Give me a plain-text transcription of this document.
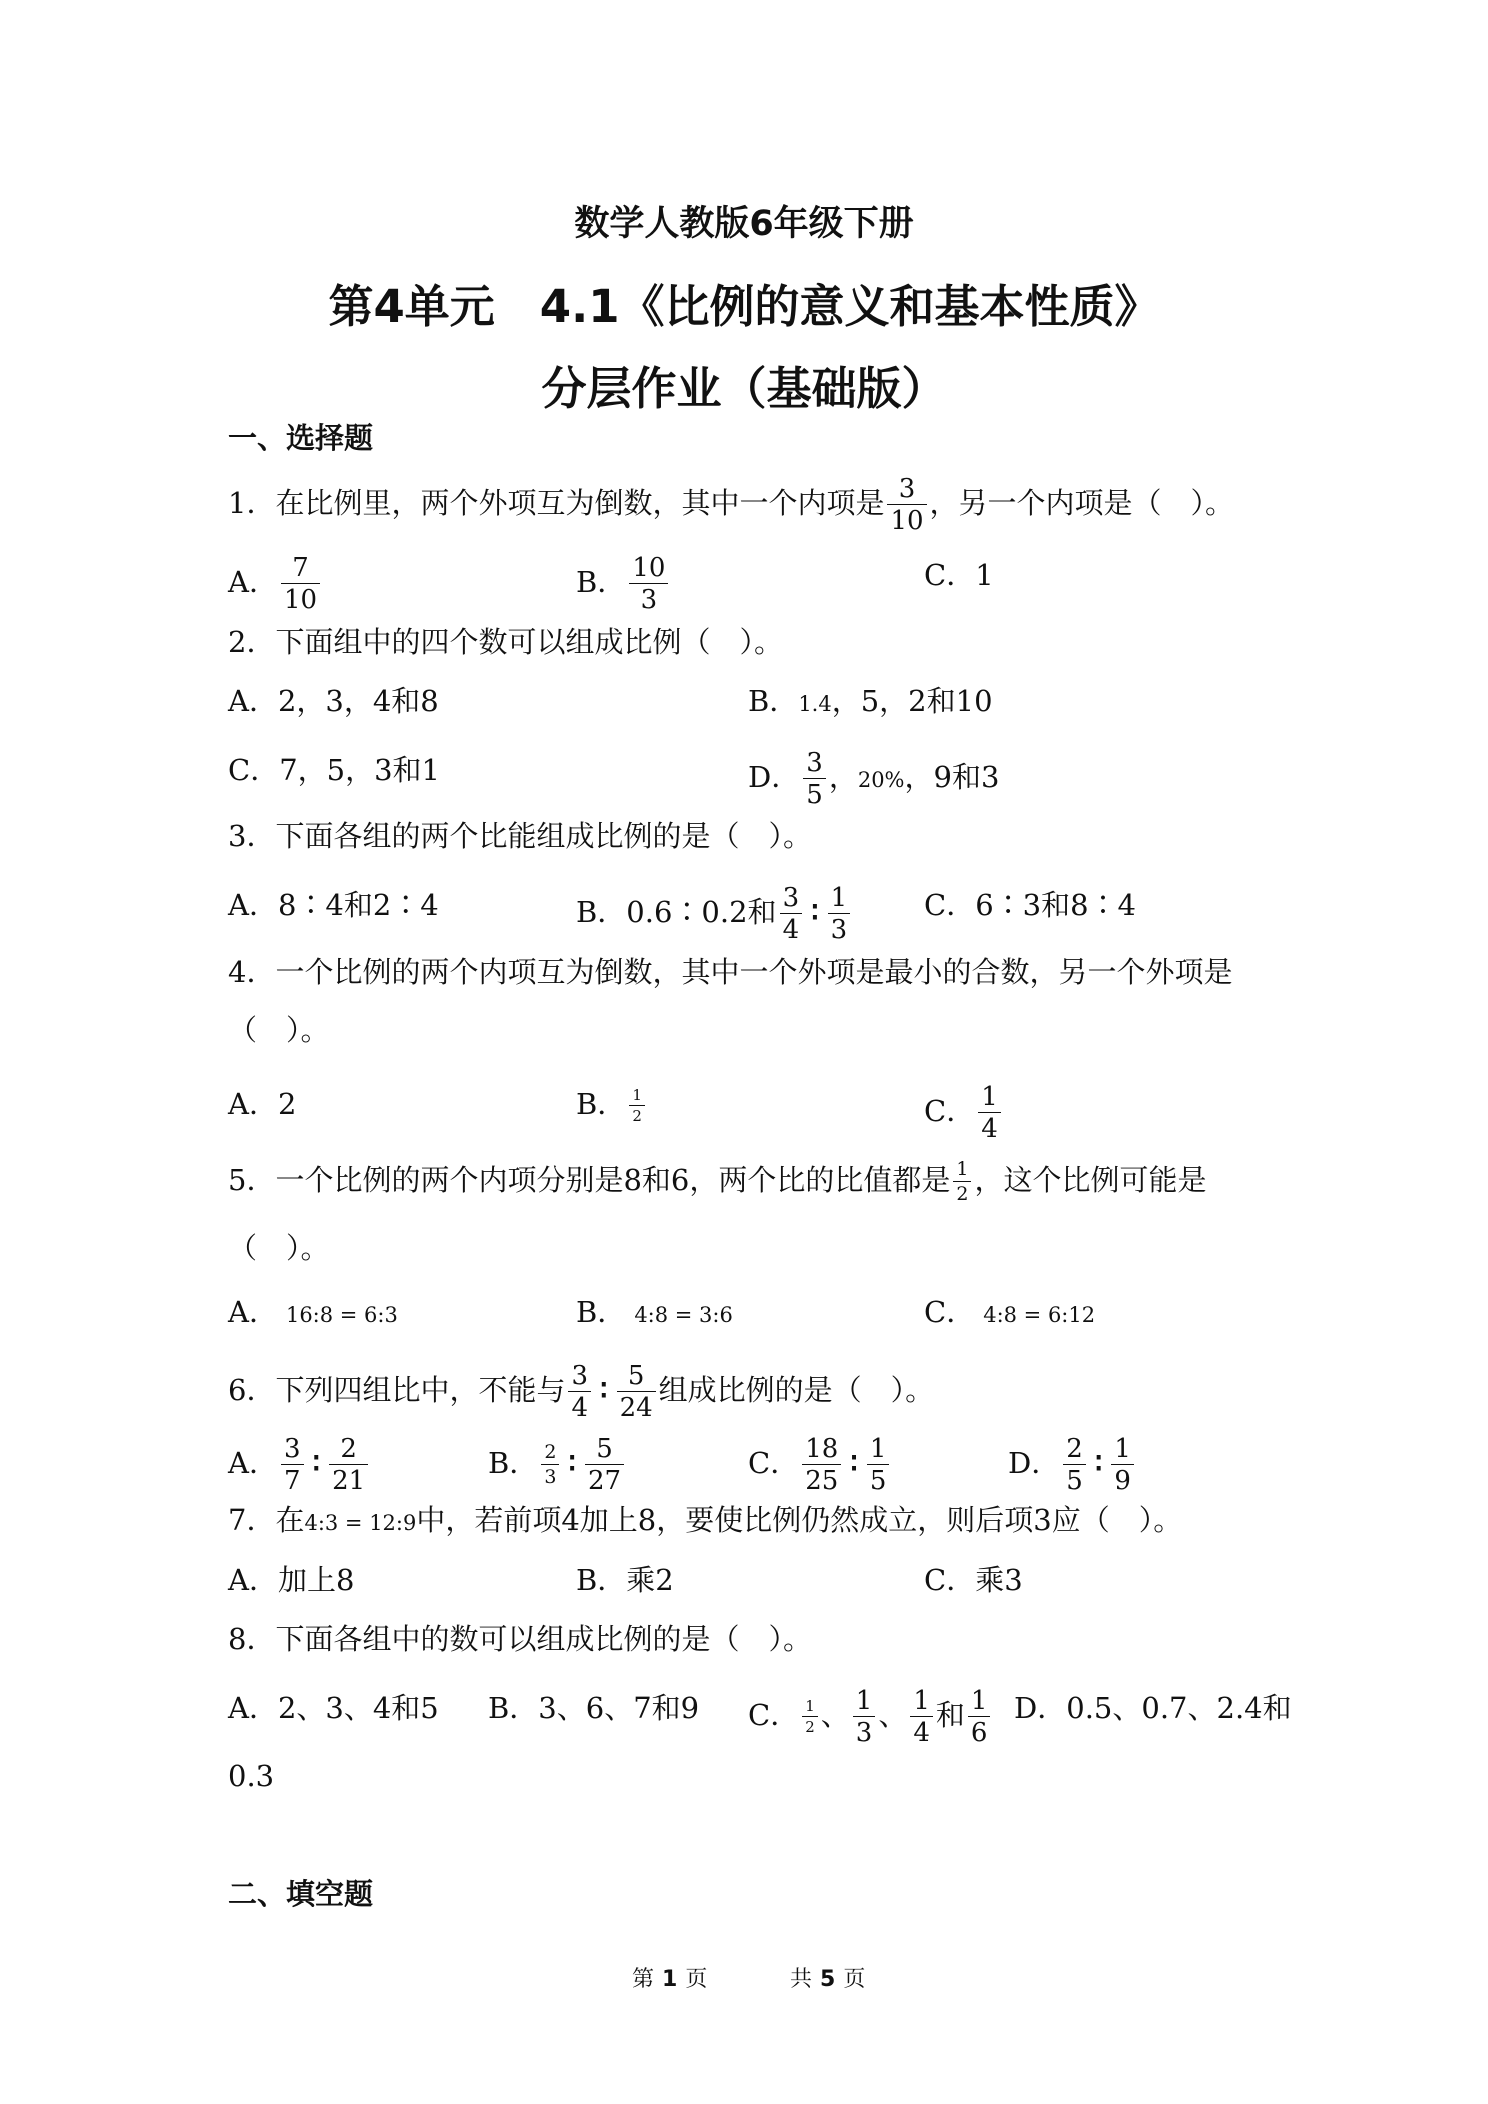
数学人教版6年级下册
第4单元　4.1《比例的意义和基本性质》
分层作业（基础版）
一、选择题
1．在比例里，两个外项互为倒数，其中一个内项是 $\frac{3}{10}$ ，另一个内项是（　）。
A． $\frac{7}{10}$	B． $\frac{10}{3}$	C．1
2．下面组中的四个数可以组成比例（　）。
A．2，3，4和8	B．1.4，5，2和10
C．7，5，3和1	D． $\frac{3}{5}$ ，20%，9和3
3．下面各组的两个比能组成比例的是（　）。
A．8∶4和2∶4	B．0.6∶0.2和 $\frac{3}{4}$ ∶ $\frac{1}{3}$	C．6∶3和8∶4
4．一个比例的两个内项互为倒数，其中一个外项是最小的合数，另一个外项是
（　）。
A．2	B． $\frac{1}{2}$	C． $\frac{1}{4}$
5．一个比例的两个内项分别是8和6，两个比的比值都是 $\frac{1}{2}$ ，这个比例可能是
（　）。
A． 16:8 = 6:3	B． 4:8 = 3:6	C． 4:8 = 6:12
6．下列四组比中，不能与 $\frac{3}{4}$ ∶ $\frac{5}{24}$ 组成比例的是（　）。
A． $\frac{3}{7}$ ∶ $\frac{2}{21}$	B． $\frac{2}{3}$ ∶ $\frac{5}{27}$	C． $\frac{18}{25}$ ∶ $\frac{1}{5}$	D． $\frac{2}{5}$ ∶ $\frac{1}{9}$
7．在4:3 = 12:9中，若前项4加上8，要使比例仍然成立，则后项3应（　）。
A．加上8	B．乘2	C．乘3
8．下面各组中的数可以组成比例的是（　）。
A．2、3、4和5 B．3、6、7和9 C． $\frac{1}{2}$ 、 $\frac{1}{3}$ 、 $\frac{1}{4}$ 和 $\frac{1}{6}$ D．0.5、0.7、2.4和
0.3
二、填空题
第 1 页	共 5 页
